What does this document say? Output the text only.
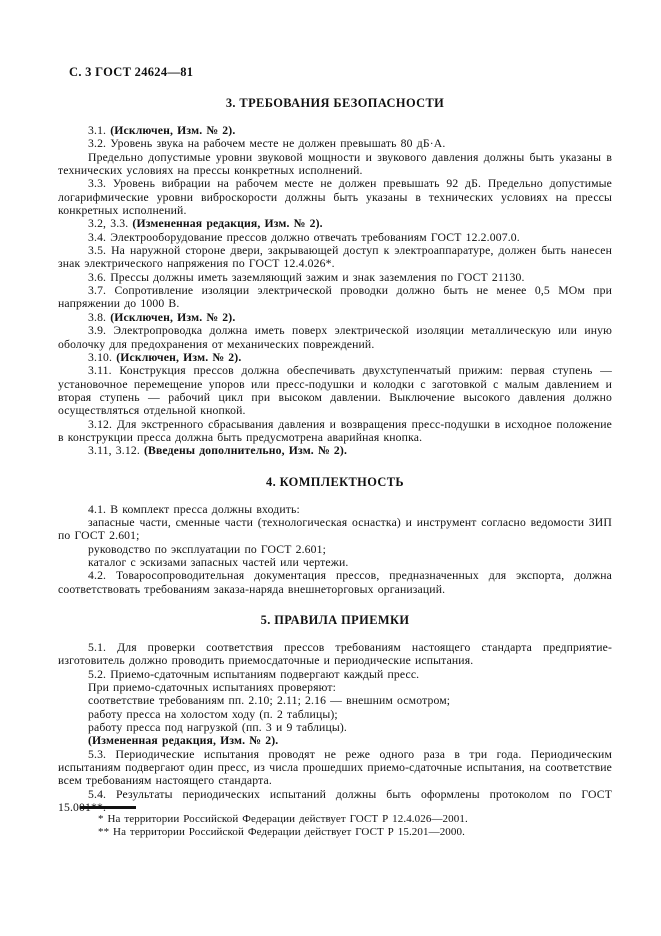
С. 3 ГОСТ 24624—81
3. ТРЕБОВАНИЯ БЕЗОПАСНОСТИ

3.1. (Исключен, Изм. № 2).

3.2. Уровень звука на рабочем месте не должен превышать 80 дБ·А.

Предельно допустимые уровни звуковой мощности и звукового давления должны быть указаны в технических условиях на прессы конкретных исполнений.

3.3. Уровень вибрации на рабочем месте не должен превышать 92 дБ. Предельно допустимые логарифмические уровни виброскорости должны быть указаны в технических условиях на прессы конкретных исполнений.

3.2, 3.3. (Измененная редакция, Изм. № 2).

3.4. Электрооборудование прессов должно отвечать требованиям ГОСТ 12.2.007.0.

3.5. На наружной стороне двери, закрывающей доступ к электроаппаратуре, должен быть нанесен знак электрического напряжения по ГОСТ 12.4.026*.

3.6. Прессы должны иметь заземляющий зажим и знак заземления по ГОСТ 21130.

3.7. Сопротивление изоляции электрической проводки должно быть не менее 0,5 МОм при напряжении до 1000 В.

3.8. (Исключен, Изм. № 2).

3.9. Электропроводка должна иметь поверх электрической изоляции металлическую или иную оболочку для предохранения от механических повреждений.

3.10. (Исключен, Изм. № 2).

3.11. Конструкция прессов должна обеспечивать двухступенчатый прижим: первая ступень — установочное перемещение упоров или пресс-подушки и колодки с заготовкой с малым давлением и вторая ступень — рабочий цикл при высоком давлении. Выключение высокого давления должно осуществляться отдельной кнопкой.

3.12. Для экстренного сбрасывания давления и возвращения пресс-подушки в исходное положение в конструкции пресса должна быть предусмотрена аварийная кнопка.

3.11, 3.12. (Введены дополнительно, Изм. № 2).

4. КОМПЛЕКТНОСТЬ

4.1. В комплект пресса должны входить:

запасные части, сменные части (технологическая оснастка) и инструмент согласно ведомости ЗИП по ГОСТ 2.601;

руководство по эксплуатации по ГОСТ 2.601;

каталог с эскизами запасных частей или чертежи.

4.2. Товаросопроводительная документация прессов, предназначенных для экспорта, должна соответствовать требованиям заказа-наряда внешнеторговых организаций.

5. ПРАВИЛА ПРИЕМКИ

5.1. Для проверки соответствия прессов требованиям настоящего стандарта предприятие-изготовитель должно проводить приемосдаточные и периодические испытания.

5.2. Приемо-сдаточным испытаниям подвергают каждый пресс.

При приемо-сдаточных испытаниях проверяют:

соответствие требованиям пп. 2.10; 2.11; 2.16 — внешним осмотром;

работу пресса на холостом ходу (п. 2 таблицы);

работу пресса под нагрузкой (пп. 3 и 9 таблицы).

(Измененная редакция, Изм. № 2).

5.3. Периодические испытания проводят не реже одного раза в три года. Периодическим испытаниям подвергают один пресс, из числа прошедших приемо-сдаточные испытания, на соответствие всем требованиям настоящего стандарта.

5.4. Результаты периодических испытаний должны быть оформлены протоколом по ГОСТ 15.001**.

* На территории Российской Федерации действует ГОСТ Р 12.4.026—2001.

** На территории Российской Федерации действует ГОСТ Р 15.201—2000.
